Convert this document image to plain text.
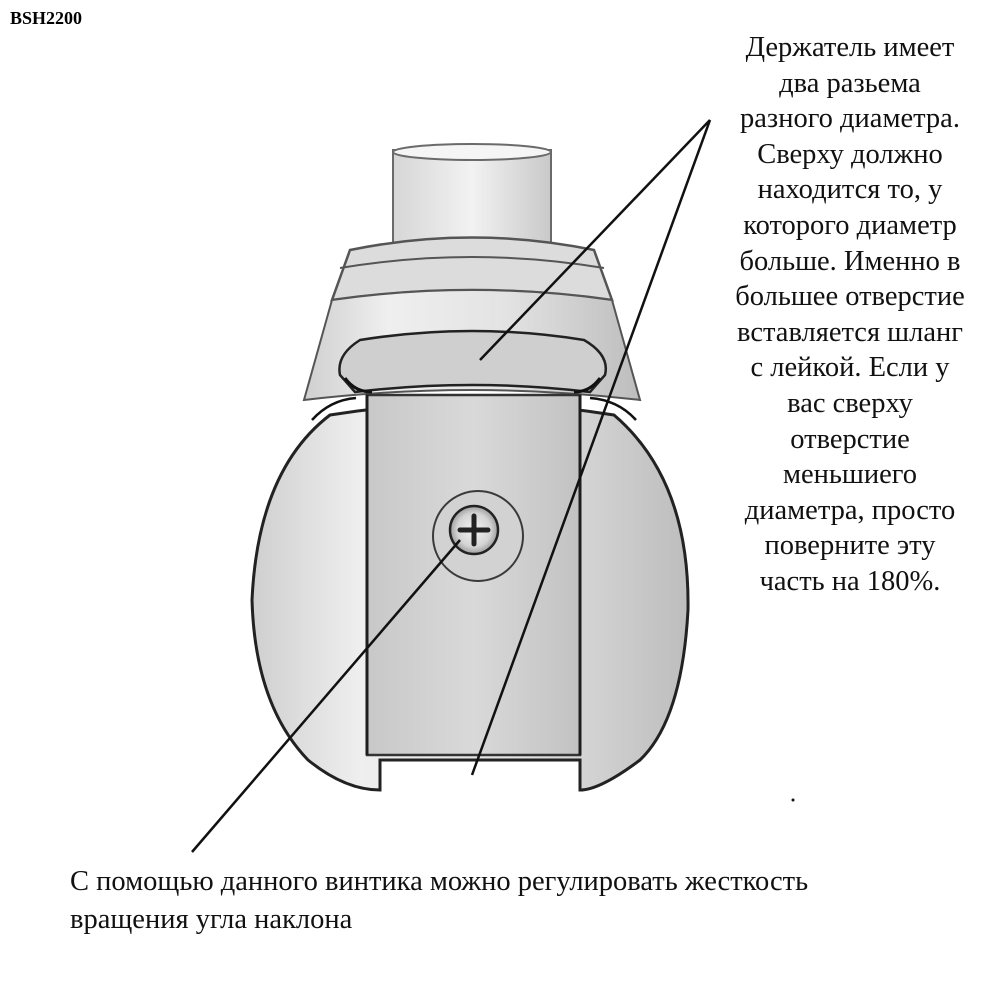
BSH2200
Держатель имеет
два разьема
разного диаметра.
Сверху должно
находится то, у
которого диаметр
больше. Именно в
большее отверстие
вставляется шланг
с лейкой. Если у
вас сверху
отверстие
меньшиего
диаметра, просто
поверните эту
часть на 180%.
С помощью данного винтика можно регулировать жесткость
вращения угла наклона
